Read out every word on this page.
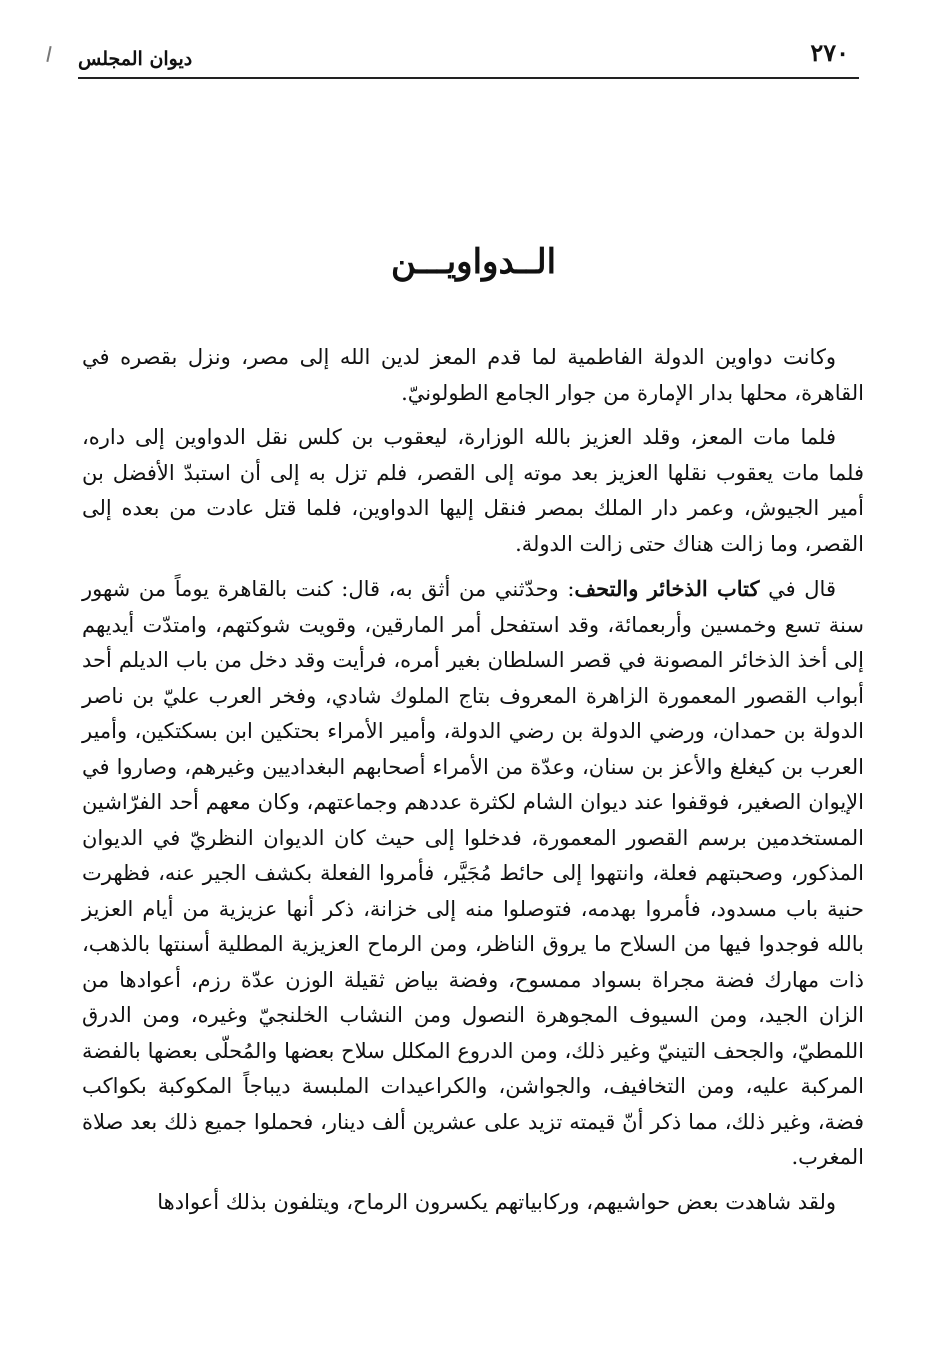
ديوان المجلس	٢٧٠
الــدواويـــن

وكانت دواوين الدولة الفاطمية لما قدم المعز لدين الله إلى مصر، ونزل بقصره في القاهرة، محلها بدار الإمارة من جوار الجامع الطولونيّ.

فلما مات المعز، وقلد العزيز بالله الوزارة، ليعقوب بن كلس نقل الدواوين إلى داره، فلما مات يعقوب نقلها العزيز بعد موته إلى القصر، فلم تزل به إلى أن استبدّ الأفضل بن أمير الجيوش، وعمر دار الملك بمصر فنقل إليها الدواوين، فلما قتل عادت من بعده إلى القصر، وما زالت هناك حتى زالت الدولة.

قال في كتاب الذخائر والتحف: وحدّثني من أثق به، قال: كنت بالقاهرة يوماً من شهور سنة تسع وخمسين وأربعمائة، وقد استفحل أمر المارقين، وقويت شوكتهم، وامتدّت أيديهم إلى أخذ الذخائر المصونة في قصر السلطان بغير أمره، فرأيت وقد دخل من باب الديلم أحد أبواب القصور المعمورة الزاهرة المعروف بتاج الملوك شادي، وفخر العرب عليّ بن ناصر الدولة بن حمدان، ورضي الدولة بن رضي الدولة، وأمير الأمراء بحتكين ابن بسكتكين، وأمير العرب بن كيغلغ والأعز بن سنان، وعدّة من الأمراء أصحابهم البغداديين وغيرهم، وصاروا في الإيوان الصغير، فوقفوا عند ديوان الشام لكثرة عددهم وجماعتهم، وكان معهم أحد الفرّاشين المستخدمين برسم القصور المعمورة، فدخلوا إلى حيث كان الديوان النظريّ في الديوان المذكور، وصحبتهم فعلة، وانتهوا إلى حائط مُجَيَّر، فأمروا الفعلة بكشف الجير عنه، فظهرت حنية باب مسدود، فأمروا بهدمه، فتوصلوا منه إلى خزانة، ذكر أنها عزيزية من أيام العزيز بالله فوجدوا فيها من السلاح ما يروق الناظر، ومن الرماح العزيزية المطلية أسنتها بالذهب، ذات مهارك فضة مجراة بسواد ممسوح، وفضة بياض ثقيلة الوزن عدّة رزم، أعوادها من الزان الجيد، ومن السيوف المجوهرة النصول ومن النشاب الخلنجيّ وغيره، ومن الدرق اللمطيّ، والجحف التينيّ وغير ذلك، ومن الدروع المكلل سلاح بعضها والمُحلّى بعضها بالفضة المركبة عليه، ومن التخافيف، والجواشن، والكراعيدات الملبسة ديباجاً المكوكبة بكواكب فضة، وغير ذلك، مما ذكر أنّ قيمته تزيد على عشرين ألف دينار، فحملوا جميع ذلك بعد صلاة المغرب.

ولقد شاهدت بعض حواشيهم، وركابياتهم يكسرون الرماح، ويتلفون بذلك أعوادها
